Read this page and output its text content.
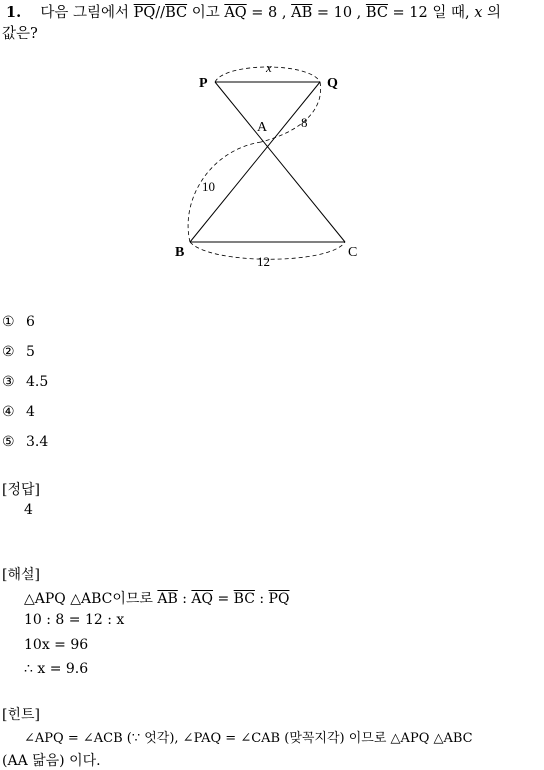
1. 다음 그림에서 $\overline{PQ}//\overline{BC}$ 이고 $\overline{AQ} = 8$ , $\overline{AB} = 10$ , $\overline{BC} = 12$ 일 때, x 의
값은?
P	Q
A
B	C
x
8
10
12
① 6
② 5
③ 4.5
④ 4
⑤ 3.4
[정답]
4
[해설]
△APQ △ABC이므로 $\overline{AB}$ : $\overline{AQ} = \overline{BC}$ : $\overline{PQ}$
10 : 8 = 12 : x
10x = 96
∴ x = 9.6
[힌트]
∠APQ = ∠ACB (∵ 엇각), ∠PAQ = ∠CAB (맞꼭지각) 이므로 △APQ △ABC
(AA 닮음) 이다.
